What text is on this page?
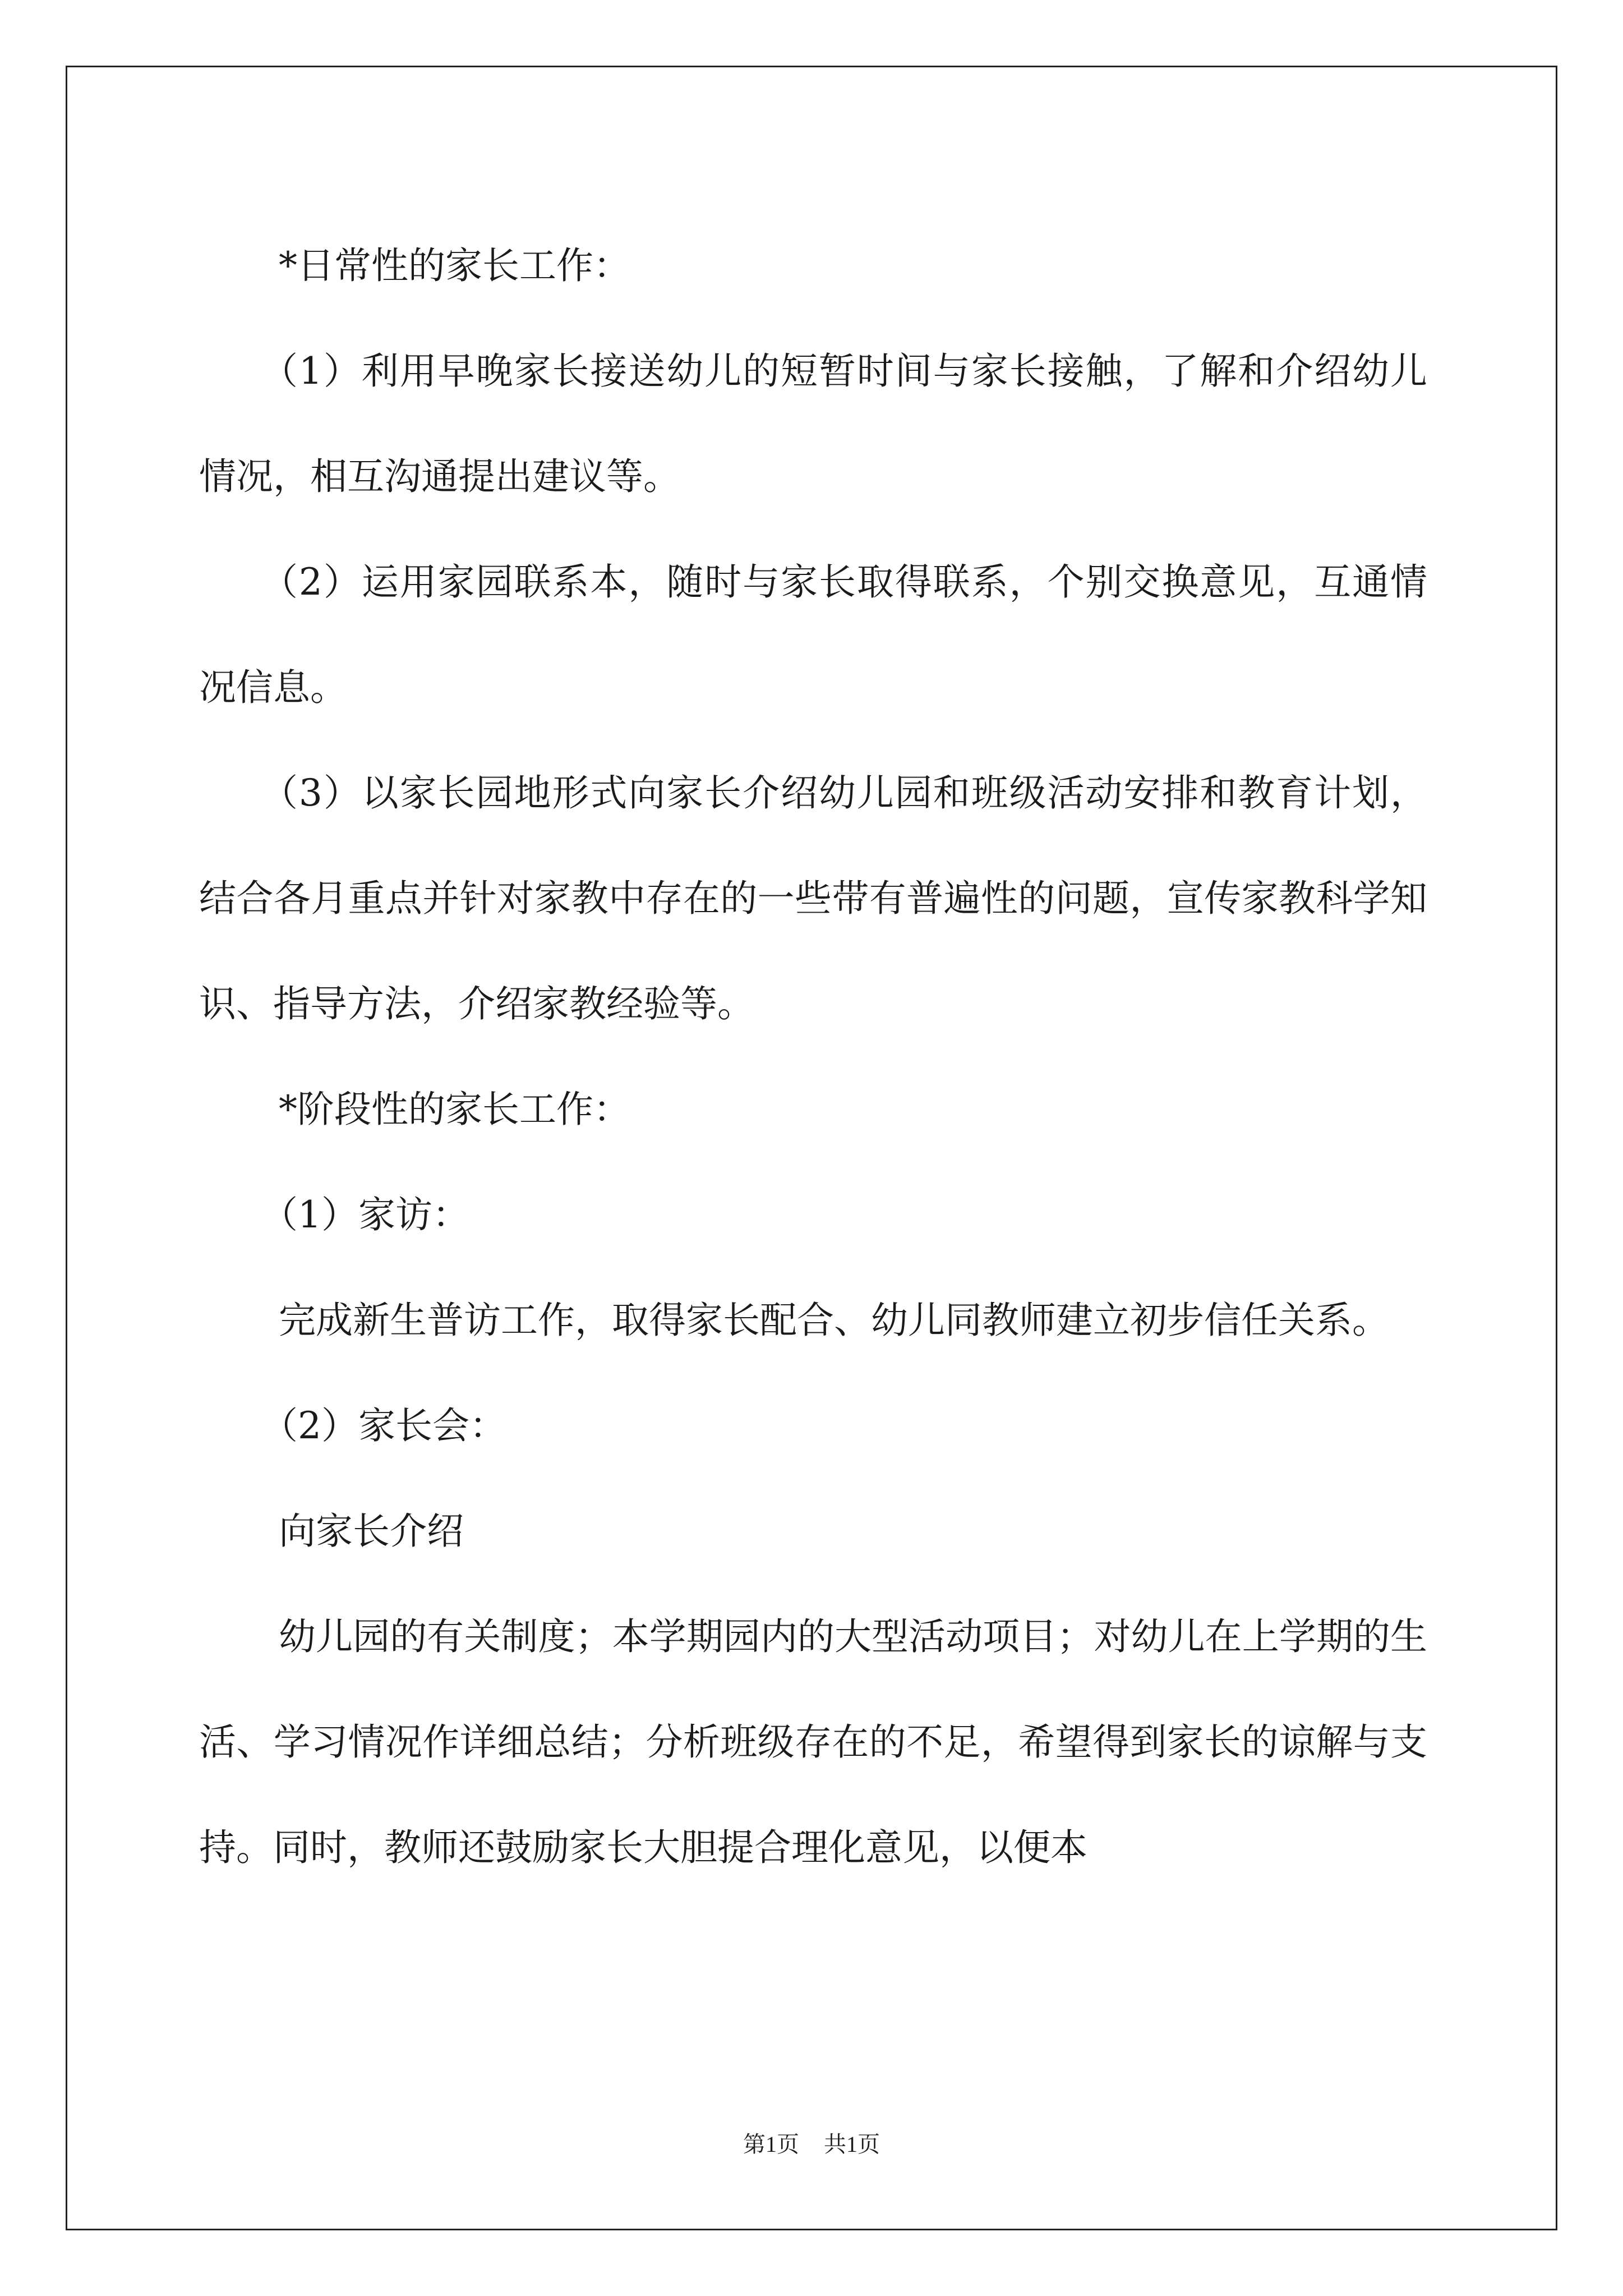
*日常性的家长工作：

（1）利用早晚家长接送幼儿的短暂时间与家长接触，了解和介绍幼儿情况，相互沟通提出建议等。

（2）运用家园联系本，随时与家长取得联系，个别交换意见，互通情况信息。

（3）以家长园地形式向家长介绍幼儿园和班级活动安排和教育计划，结合各月重点并针对家教中存在的一些带有普遍性的问题，宣传家教科学知识、指导方法，介绍家教经验等。

*阶段性的家长工作：

（1）家访：

完成新生普访工作，取得家长配合、幼儿同教师建立初步信任关系。

（2）家长会：

向家长介绍

幼儿园的有关制度；本学期园内的大型活动项目；对幼儿在上学期的生活、学习情况作详细总结；分析班级存在的不足，希望得到家长的谅解与支持。同时，教师还鼓励家长大胆提合理化意见，以便本

第1页 共1页
